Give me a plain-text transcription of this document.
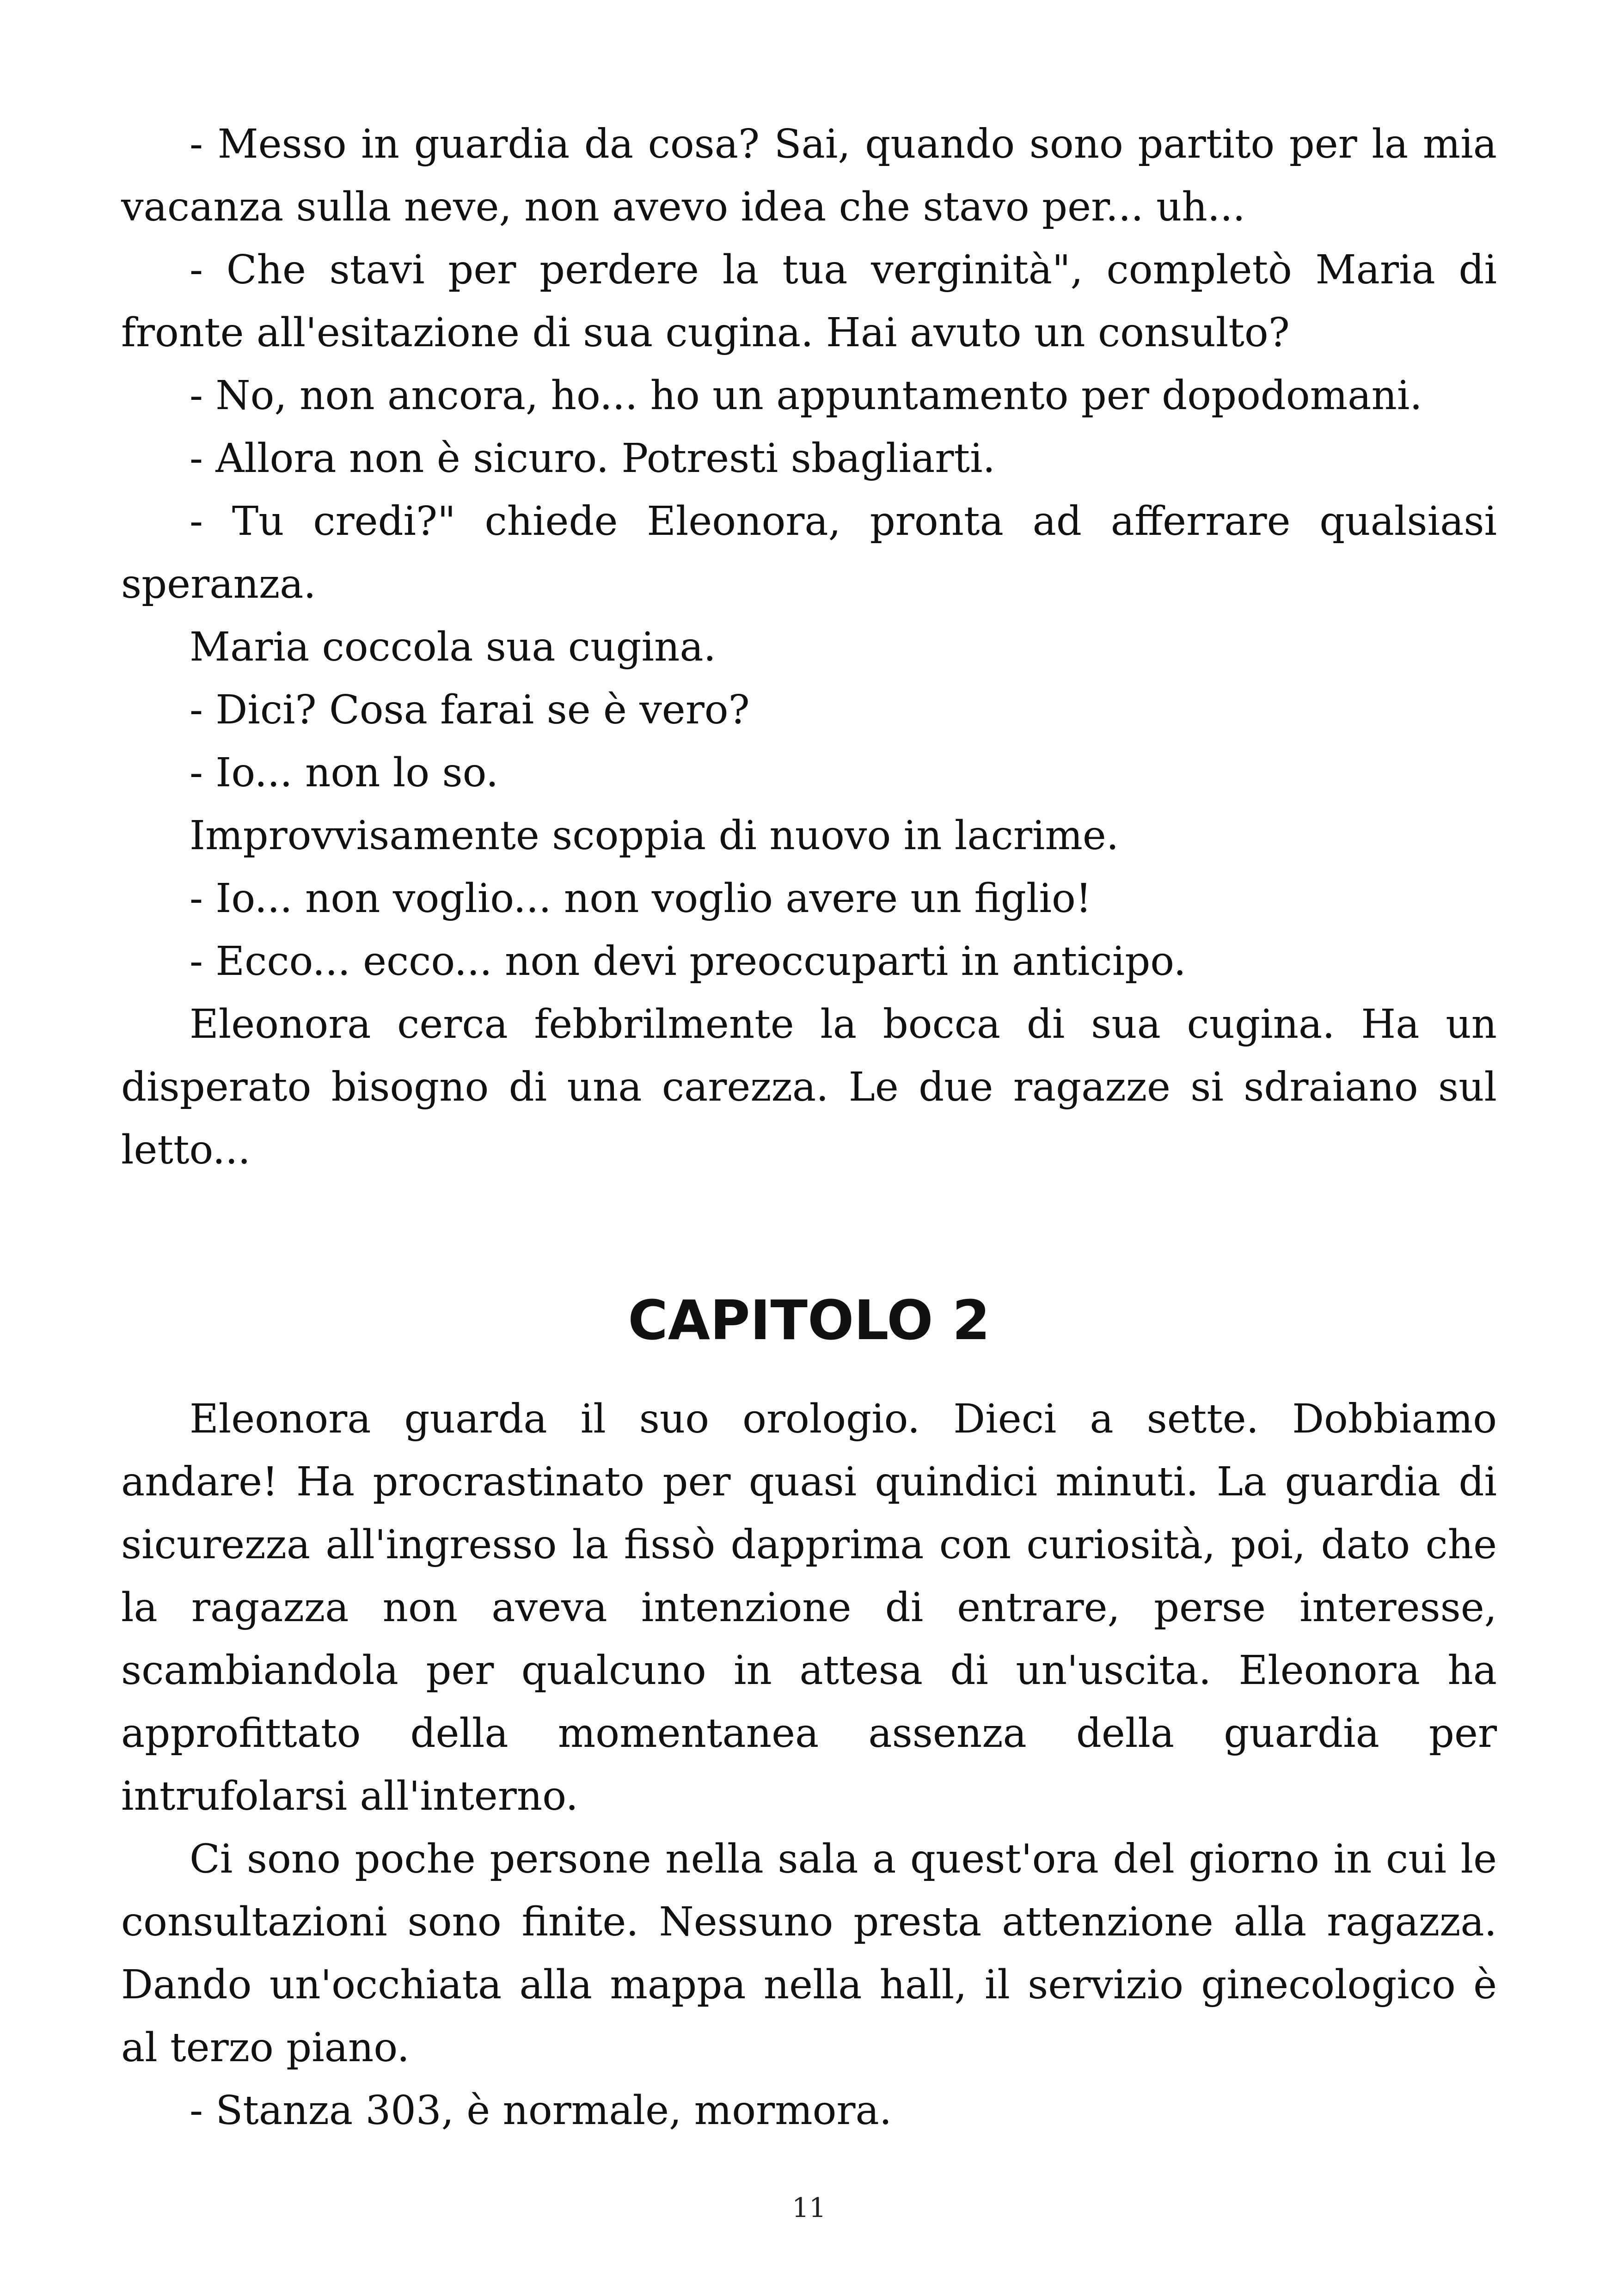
- Messo in guardia da cosa? Sai, quando sono partito per la mia vacanza sulla neve, non avevo idea che stavo per... uh...

- Che stavi per perdere la tua verginità", completò Maria di fronte all'esitazione di sua cugina. Hai avuto un consulto?

- No, non ancora, ho... ho un appuntamento per dopodomani.

- Allora non è sicuro. Potresti sbagliarti.

- Tu credi?" chiede Eleonora, pronta ad afferrare qualsiasi speranza.

Maria coccola sua cugina.

- Dici? Cosa farai se è vero?

- Io... non lo so.

Improvvisamente scoppia di nuovo in lacrime.

- Io... non voglio... non voglio avere un figlio!

- Ecco... ecco... non devi preoccuparti in anticipo.

Eleonora cerca febbrilmente la bocca di sua cugina. Ha un disperato bisogno di una carezza. Le due ragazze si sdraiano sul letto...

CAPITOLO 2

Eleonora guarda il suo orologio. Dieci a sette. Dobbiamo andare! Ha procrastinato per quasi quindici minuti. La guardia di sicurezza all'ingresso la fissò dapprima con curiosità, poi, dato che la ragazza non aveva intenzione di entrare, perse interesse, scambiandola per qualcuno in attesa di un'uscita. Eleonora ha approfittato della momentanea assenza della guardia per intrufolarsi all'interno.

Ci sono poche persone nella sala a quest'ora del giorno in cui le consultazioni sono finite. Nessuno presta attenzione alla ragazza. Dando un'occhiata alla mappa nella hall, il servizio ginecologico è al terzo piano.

- Stanza 303, è normale, mormora.

11
